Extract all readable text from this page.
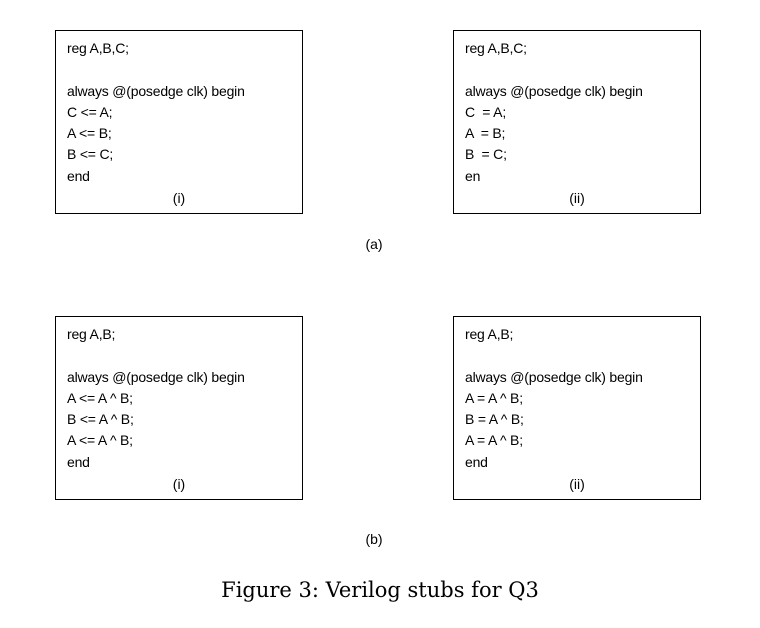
reg A,B,C;
always @(posedge clk) begin
C <= A;
A <= B;
B <= C;
end
(i)
reg A,B,C;
always @(posedge clk) begin
C  = A;
A  = B;
B  = C;
en
(ii)
(a)
reg A,B;
always @(posedge clk) begin
A <= A ^ B;
B <= A ^ B;
A <= A ^ B;
end
(i)
reg A,B;
always @(posedge clk) begin
A = A ^ B;
B = A ^ B;
A = A ^ B;
end
(ii)
(b)
Figure 3: Verilog stubs for Q3
